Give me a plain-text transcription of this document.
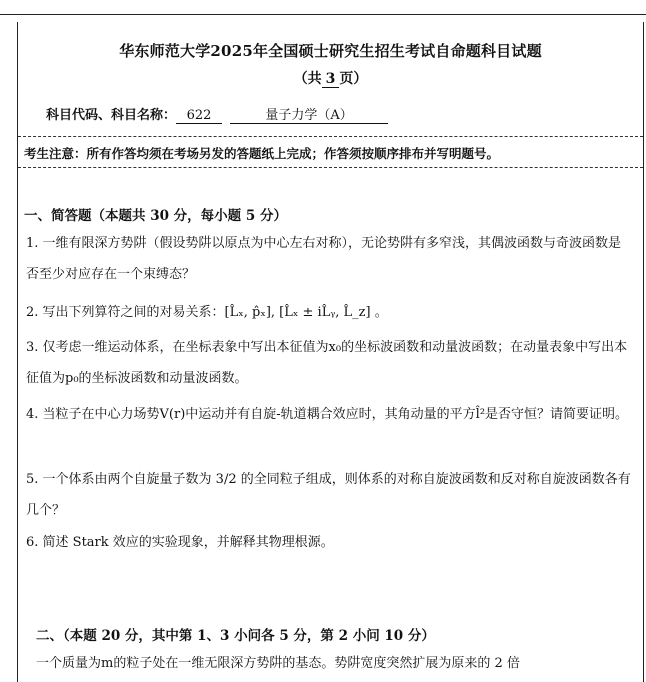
华东师范大学2025年全国硕士研究生招生考试自命题科目试题
（共 3 页）
科目代码、科目名称： 622	量子力学（A）
考生注意：所有作答均须在考场另发的答题纸上完成；作答须按顺序排布并写明题号。
一、简答题（本题共 30 分，每小题 5 分）
1. 一维有限深方势阱（假设势阱以原点为中心左右对称），无论势阱有多窄浅，其偶波函数与奇波函数是否至少对应存在一个束缚态？
2. 写出下列算符之间的对易关系：[L̂ₓ, p̂ₓ], [L̂ₓ ± iL̂ᵧ, L̂_z] 。
3. 仅考虑一维运动体系，在坐标表象中写出本征值为x₀的坐标波函数和动量波函数；在动量表象中写出本征值为p₀的坐标波函数和动量波函数。
4. 当粒子在中心力场势V(r)中运动并有自旋-轨道耦合效应时，其角动量的平方l̂²是否守恒？请简要证明。
5. 一个体系由两个自旋量子数为 3/2 的全同粒子组成，则体系的对称自旋波函数和反对称自旋波函数各有几个？
6. 简述 Stark 效应的实验现象，并解释其物理根源。
二、（本题 20 分，其中第 1、3 小问各 5 分，第 2 小问 10 分）
一个质量为m的粒子处在一维无限深方势阱的基态。势阱宽度突然扩展为原来的 2 倍
